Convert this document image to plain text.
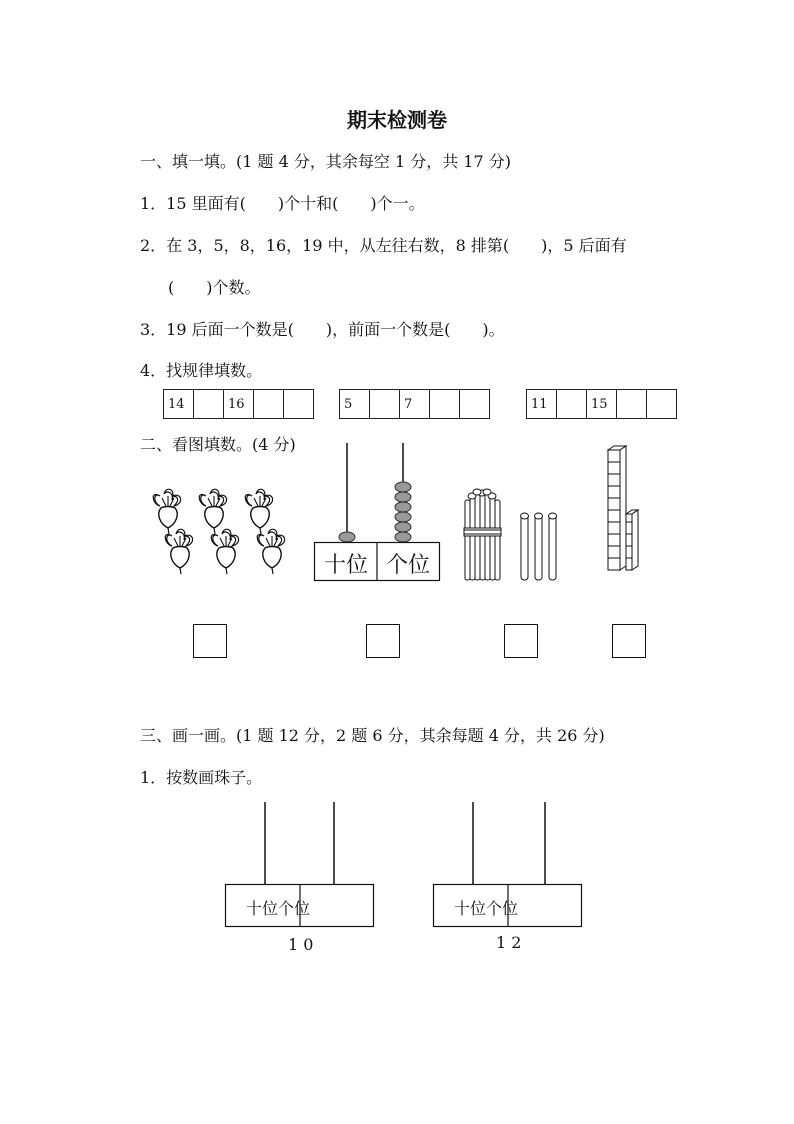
期末检测卷
一、填一填。(1 题 4 分，其余每空 1 分，共 17 分)
1．15 里面有(　　)个十和(　　)个一。
2．在 3，5，8，16，19 中，从左往右数，8 排第(　　)，5 后面有
(　　)个数。
3．19 后面一个数是(　　)，前面一个数是(　　)。
4．找规律填数。
14		16			5		7			11		15		
二、看图填数。(4 分)
十位 个位
三、画一画。(1 题 12 分，2 题 6 分，其余每题 4 分，共 26 分)
1．按数画珠子。
十位个位
1 0
十位个位
1 2
